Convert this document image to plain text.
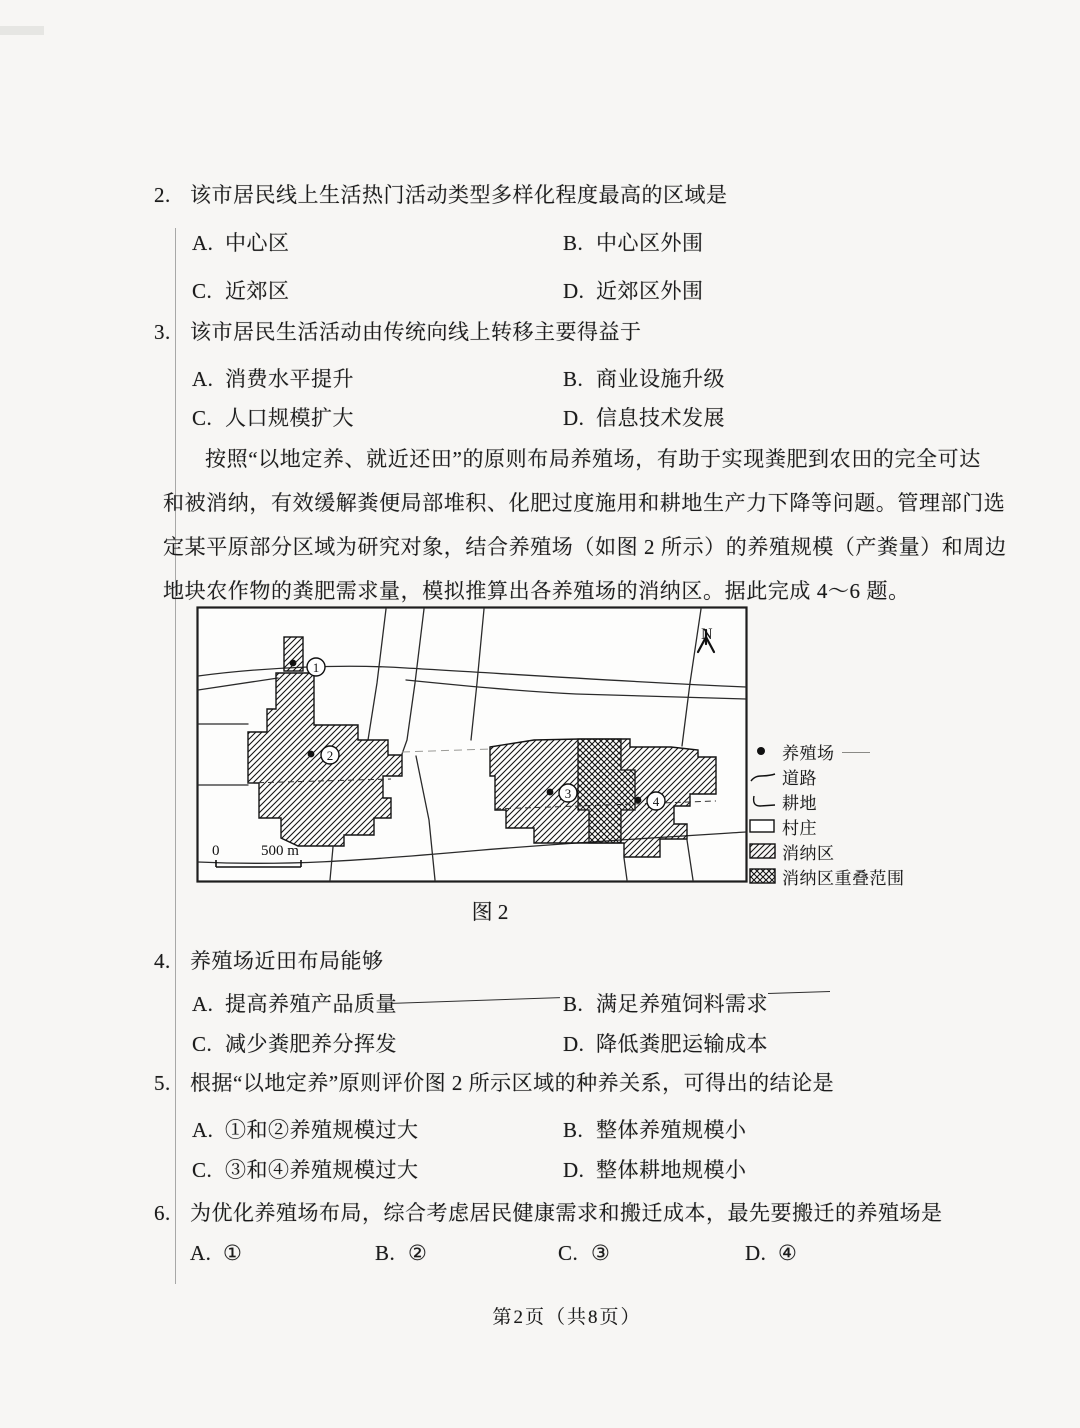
2. 该市居民线上生活热门活动类型多样化程度最高的区域是
A. 中心区	B. 中心区外围
C. 近郊区	D. 近郊区外围
3. 该市居民生活活动由传统向线上转移主要得益于
A. 消费水平提升	B. 商业设施升级
C. 人口规模扩大	D. 信息技术发展
按照“以地定养、就近还田”的原则布局养殖场，有助于实现粪肥到农田的完全可达
和被消纳，有效缓解粪便局部堆积、化肥过度施用和耕地生产力下降等问题。管理部门选
定某平原部分区域为研究对象，结合养殖场（如图 2 所示）的养殖规模（产粪量）和周边
地块农作物的粪肥需求量，模拟推算出各养殖场的消纳区。据此完成 4～6 题。
1
2
3
4
N
0	500 m
养殖场
道路
耕地
村庄
消纳区
消纳区重叠范围
图 2
4. 养殖场近田布局能够
A. 提高养殖产品质量	B. 满足养殖饲料需求
C. 减少粪肥养分挥发	D. 降低粪肥运输成本
5. 根据“以地定养”原则评价图 2 所示区域的种养关系，可得出的结论是
A. ①和②养殖规模过大	B. 整体养殖规模小
C. ③和④养殖规模过大	D. 整体耕地规模小
6. 为优化养殖场布局，综合考虑居民健康需求和搬迁成本，最先要搬迁的养殖场是
A. ①	B. ②	C. ③	D. ④
第2页（共8页）
